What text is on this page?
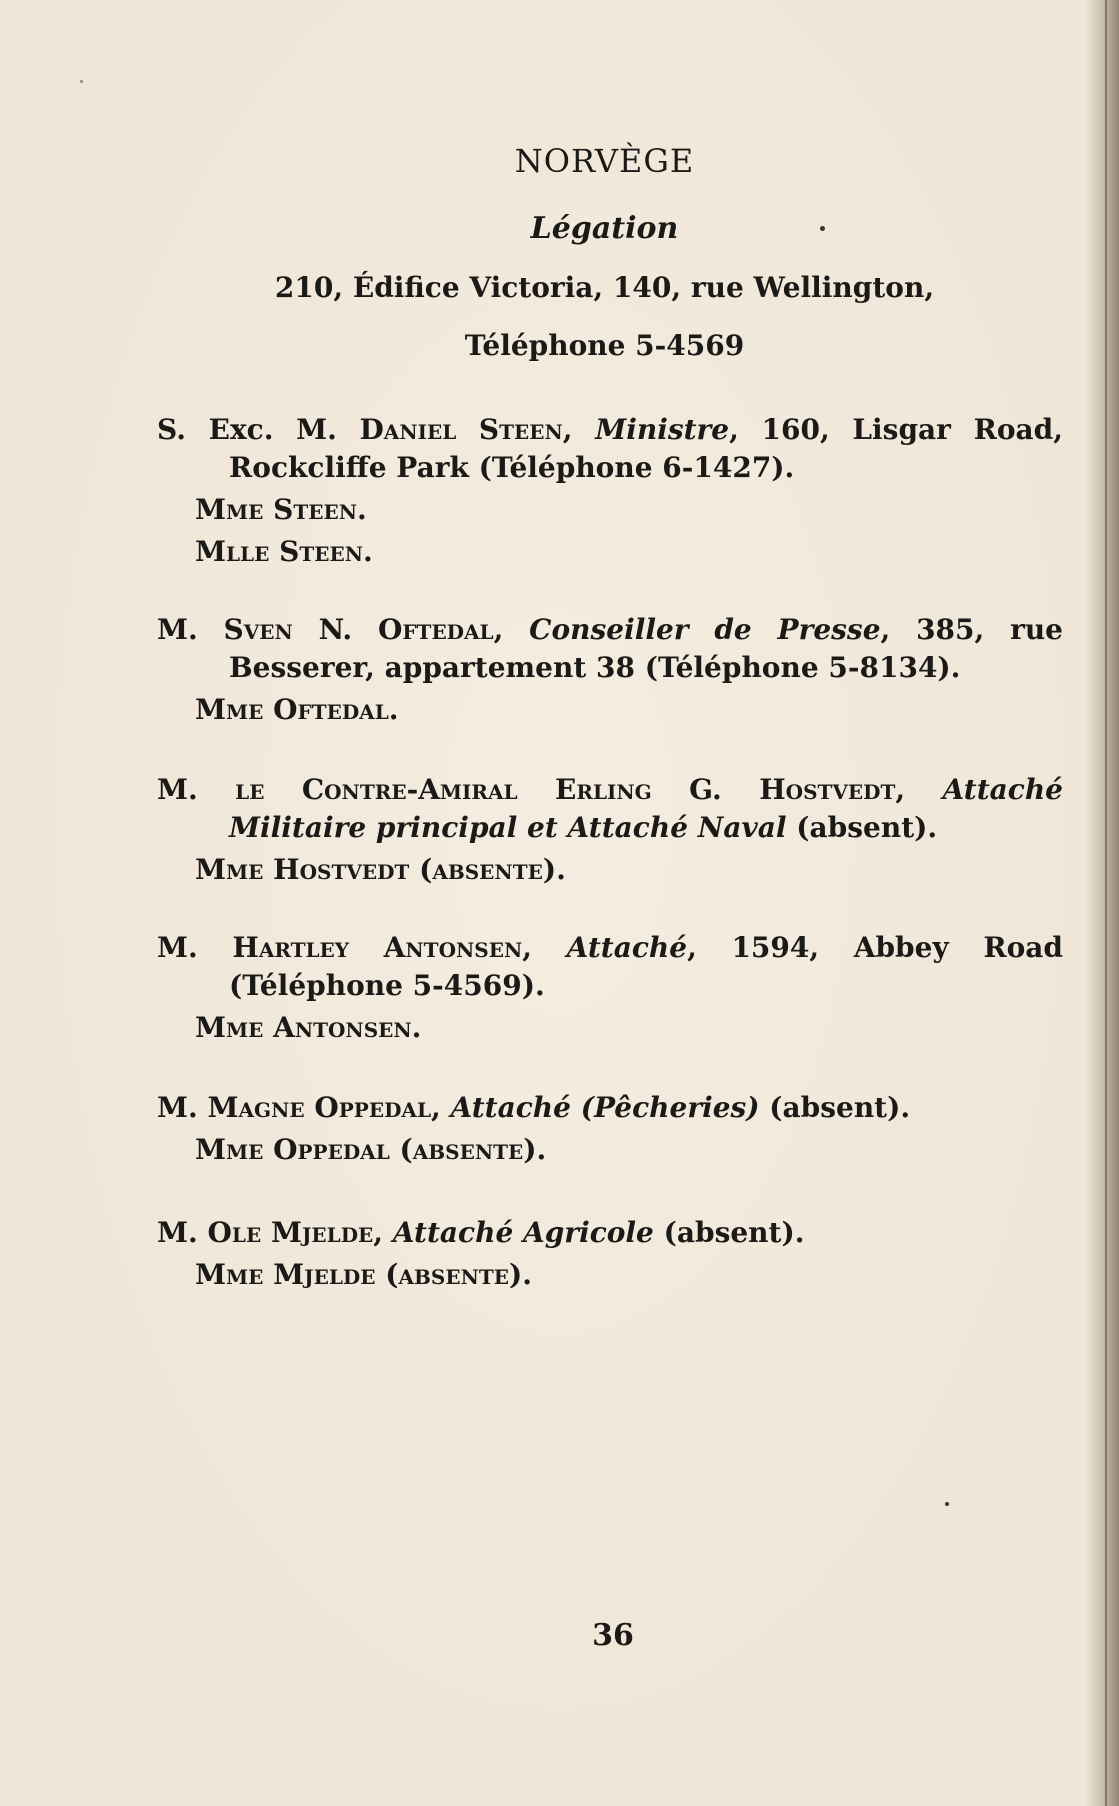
NORVÈGE
Légation
210, Édifice Victoria, 140, rue Wellington,
Téléphone 5-4569
S. Exc. M. Daniel Steen, Ministre, 160, Lisgar Road,
Rockcliffe Park (Téléphone 6-1427).
Mme Steen.
Mlle Steen.
M. Sven N. Oftedal, Conseiller de Presse, 385, rue
Besserer, appartement 38 (Téléphone 5-8134).
Mme Oftedal.
M. le Contre-Amiral Erling G. Hostvedt, Attaché
Militaire principal et Attaché Naval (absent).
Mme Hostvedt (absente).
M. Hartley Antonsen, Attaché, 1594, Abbey Road
(Téléphone 5-4569).
Mme Antonsen.
M. Magne Oppedal, Attaché (Pêcheries) (absent).
Mme Oppedal (absente).
M. Ole Mjelde, Attaché Agricole (absent).
Mme Mjelde (absente).
36
